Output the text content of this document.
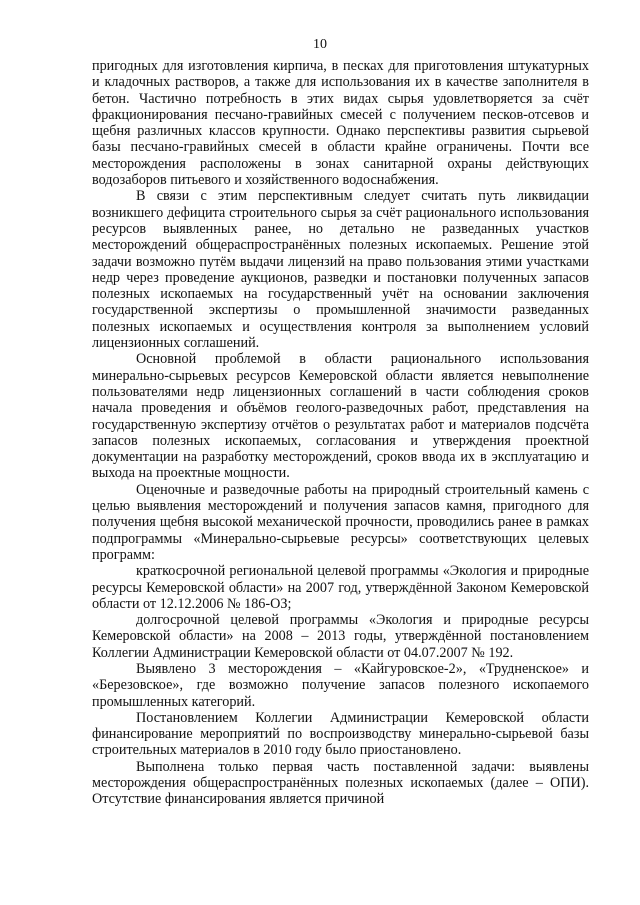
10

пригодных для изготовления кирпича, в песках для приготовления штукатурных и кладочных растворов, а также для использования их в качестве заполнителя в бетон. Частично потребность в этих видах сырья удовлетворяется за счёт фракционирования песчано-гравийных смесей с получением песков-отсевов и щебня различных классов крупности. Однако перспективы развития сырьевой базы песчано-гравийных смесей в области крайне ограничены. Почти все месторождения расположены в зонах санитарной охраны действующих водозаборов питьевого и хозяйственного водоснабжения.

В связи с этим перспективным следует считать путь ликвидации возникшего дефицита строительного сырья за счёт рационального использования ресурсов выявленных ранее, но детально не разведанных участков месторождений общераспространённых полезных ископаемых. Решение этой задачи возможно путём выдачи лицензий на право пользования этими участками недр через проведение аукционов, разведки и постановки полученных запасов полезных ископаемых на государственный учёт на основании заключения государственной экспертизы о промышленной значимости разведанных полезных ископаемых и осуществления контроля за выполнением условий лицензионных соглашений.

Основной проблемой в области рационального использования минерально-сырьевых ресурсов Кемеровской области является невыполнение пользователями недр лицензионных соглашений в части соблюдения сроков начала проведения и объёмов геолого-разведочных работ, представления на государственную экспертизу отчётов о результатах работ и материалов подсчёта запасов полезных ископаемых, согласования и утверждения проектной документации на разработку месторождений, сроков ввода их в эксплуатацию и выхода на проектные мощности.

Оценочные и разведочные работы на природный строительный камень с целью выявления месторождений и получения запасов камня, пригодного для получения щебня высокой механической прочности, проводились ранее в рамках подпрограммы «Минерально-сырьевые ресурсы» соответствующих целевых программ:

краткосрочной региональной целевой программы «Экология и природные ресурсы Кемеровской области» на 2007 год, утверждённой Законом Кемеровской области от 12.12.2006 № 186-ОЗ;

долгосрочной целевой программы «Экология и природные ресурсы Кемеровской области» на 2008 – 2013 годы, утверждённой постановлением Коллегии Администрации Кемеровской области от 04.07.2007 № 192.

Выявлено 3 месторождения – «Кайгуровское-2», «Трудненское» и «Березовское», где возможно получение запасов полезного ископаемого промышленных категорий.

Постановлением Коллегии Администрации Кемеровской области финансирование мероприятий по воспроизводству минерально-сырьевой базы строительных материалов в 2010 году было приостановлено.

Выполнена только первая часть поставленной задачи: выявлены месторождения общераспространённых полезных ископаемых (далее – ОПИ). Отсутствие финансирования является причиной
